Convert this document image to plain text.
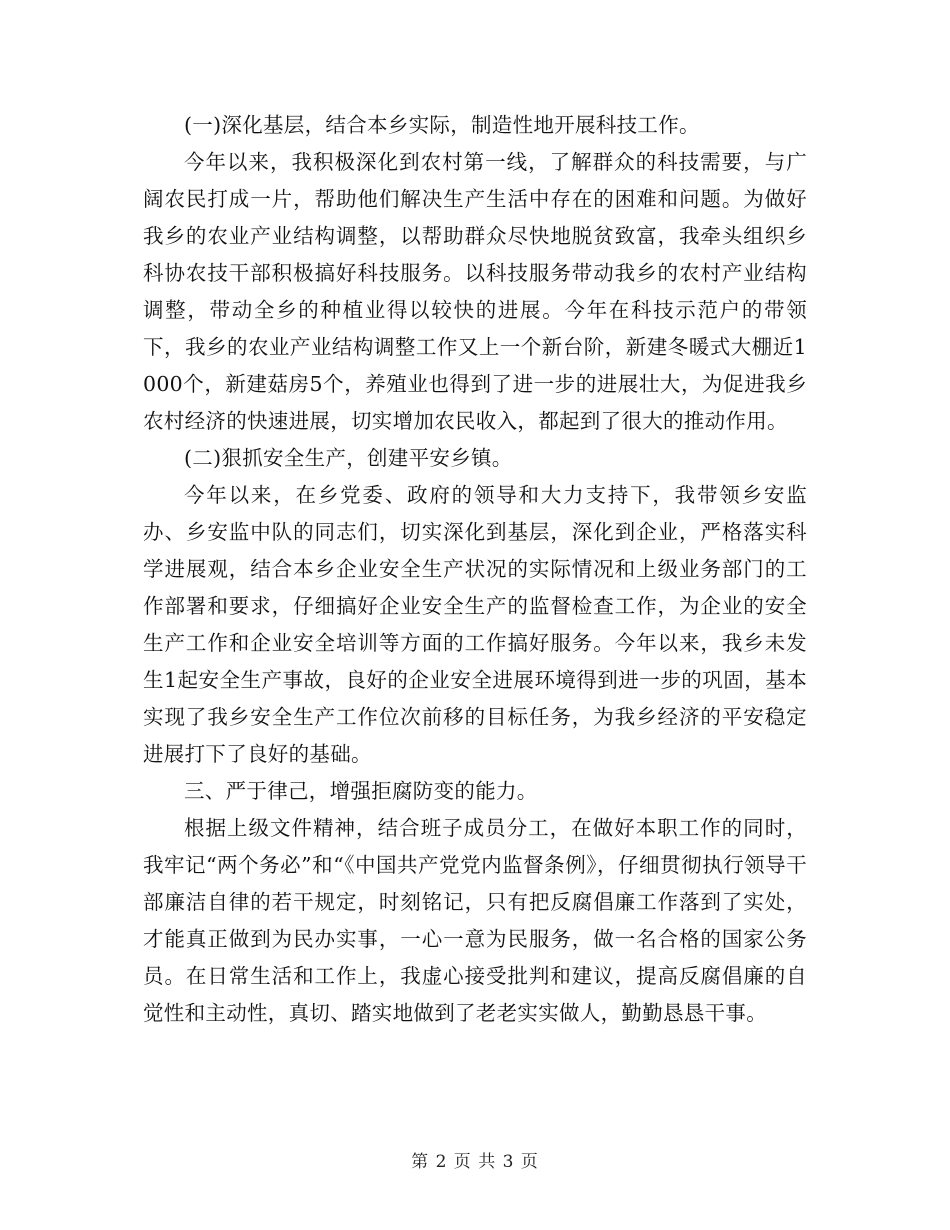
(一)深化基层，结合本乡实际，制造性地开展科技工作。

今年以来，我积极深化到农村第一线，了解群众的科技需要，与广阔农民打成一片，帮助他们解决生产生活中存在的困难和问题。为做好我乡的农业产业结构调整，以帮助群众尽快地脱贫致富，我牵头组织乡科协农技干部积极搞好科技服务。以科技服务带动我乡的农村产业结构调整，带动全乡的种植业得以较快的进展。今年在科技示范户的带领下，我乡的农业产业结构调整工作又上一个新台阶，新建冬暖式大棚近1000个，新建菇房5个，养殖业也得到了进一步的进展壮大，为促进我乡农村经济的快速进展，切实增加农民收入，都起到了很大的推动作用。

(二)狠抓安全生产，创建平安乡镇。

今年以来，在乡党委、政府的领导和大力支持下，我带领乡安监办、乡安监中队的同志们，切实深化到基层，深化到企业，严格落实科学进展观，结合本乡企业安全生产状况的实际情况和上级业务部门的工作部署和要求，仔细搞好企业安全生产的监督检查工作，为企业的安全生产工作和企业安全培训等方面的工作搞好服务。今年以来，我乡未发生1起安全生产事故，良好的企业安全进展环境得到进一步的巩固，基本实现了我乡安全生产工作位次前移的目标任务，为我乡经济的平安稳定进展打下了良好的基础。

三、严于律己，增强拒腐防变的能力。

根据上级文件精神，结合班子成员分工，在做好本职工作的同时，我牢记“两个务必”和“《中国共产党党内监督条例》，仔细贯彻执行领导干部廉洁自律的若干规定，时刻铭记，只有把反腐倡廉工作落到了实处，才能真正做到为民办实事，一心一意为民服务，做一名合格的国家公务员。在日常生活和工作上，我虚心接受批判和建议，提高反腐倡廉的自觉性和主动性，真切、踏实地做到了老老实实做人，勤勤恳恳干事。

第 2 页 共 3 页
